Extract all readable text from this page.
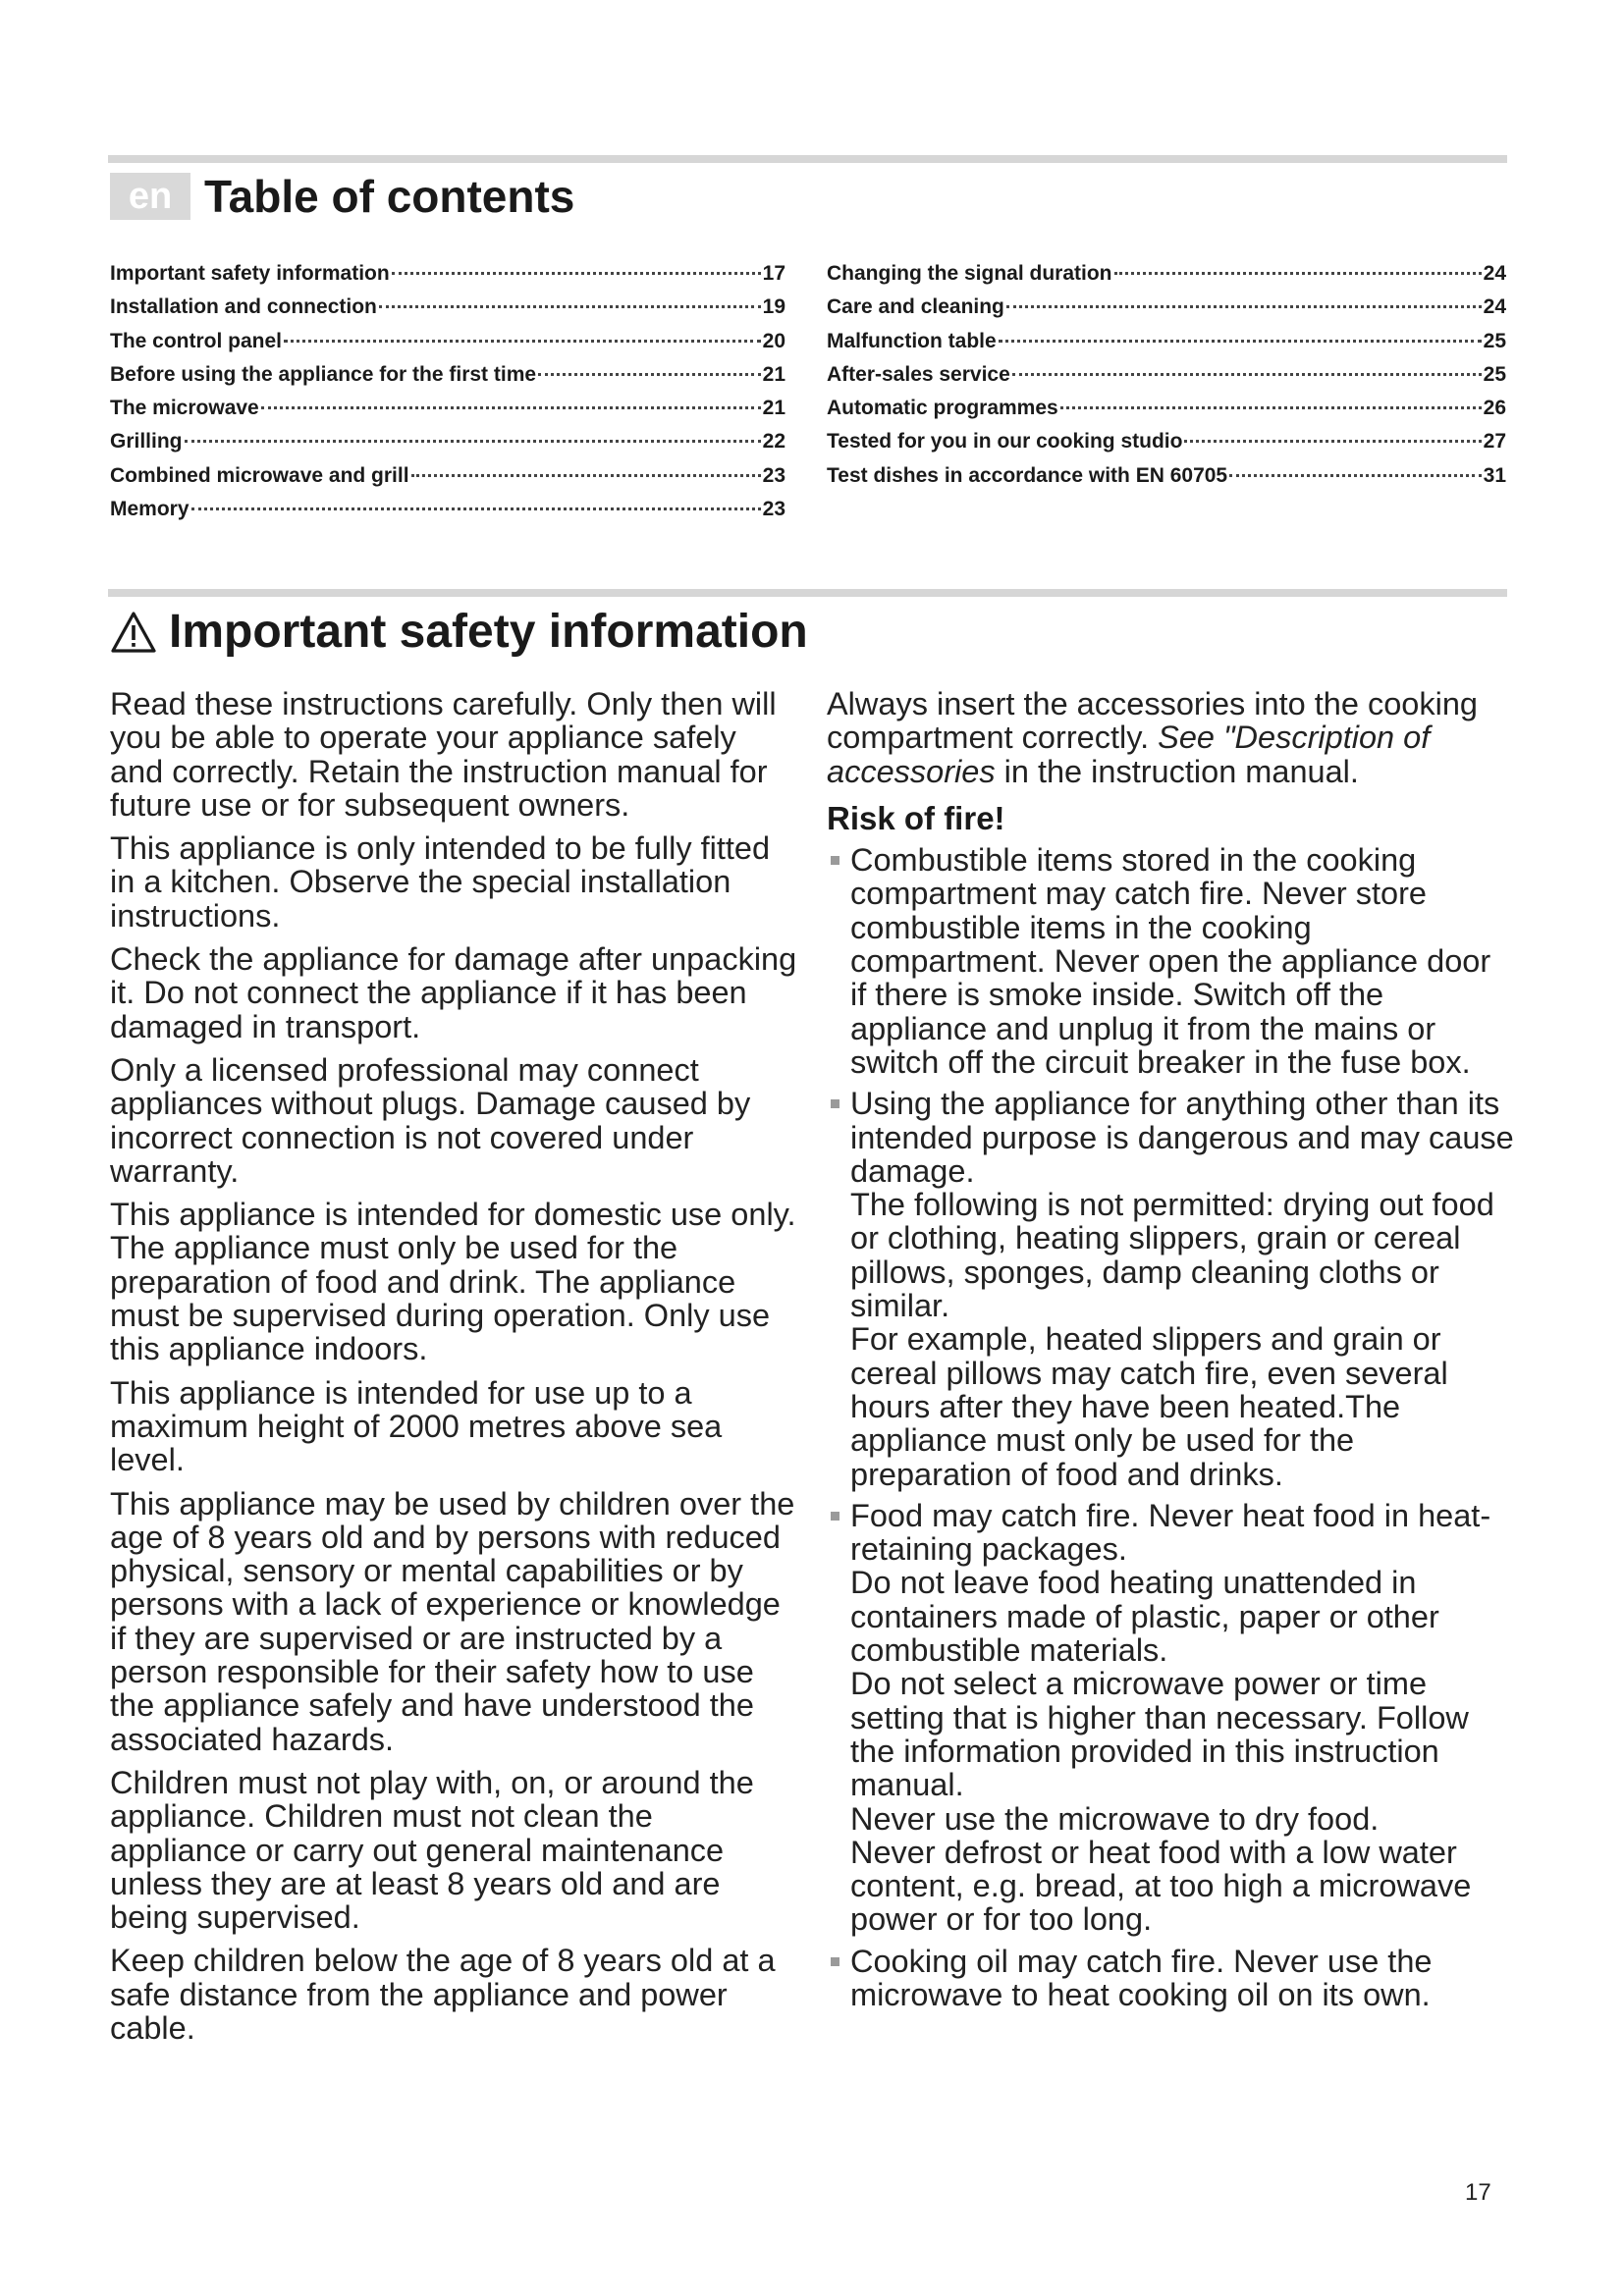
en Table of contents
Important safety information	17
Installation and connection	19
The control panel	20
Before using the appliance for the first time	21
The microwave	21
Grilling	22
Combined microwave and grill	23
Memory	23
Changing the signal duration	24
Care and cleaning	24
Malfunction table	25
After-sales service	25
Automatic programmes	26
Tested for you in our cooking studio	27
Test dishes in accordance with EN 60705	31
Important safety information

Read these instructions carefully. Only then will you be able to operate your appliance safely and correctly. Retain the instruction manual for future use or for subsequent owners.

This appliance is only intended to be fully fitted in a kitchen. Observe the special installation instructions.

Check the appliance for damage after unpacking it. Do not connect the appliance if it has been damaged in transport.

Only a licensed professional may connect appliances without plugs. Damage caused by incorrect connection is not covered under warranty.

This appliance is intended for domestic use only. The appliance must only be used for the preparation of food and drink. The appliance must be supervised during operation. Only use this appliance indoors.

This appliance is intended for use up to a maximum height of 2000 metres above sea level.

This appliance may be used by children over the age of 8 years old and by persons with reduced physical, sensory or mental capabilities or by persons with a lack of experience or knowledge if they are supervised or are instructed by a person responsible for their safety how to use the appliance safely and have understood the associated hazards.

Children must not play with, on, or around the appliance. Children must not clean the appliance or carry out general maintenance unless they are at least 8 years old and are being supervised.

Keep children below the age of 8 years old at a safe distance from the appliance and power cable.

Always insert the accessories into the cooking compartment correctly. See "Description of accessories in the instruction manual.

Risk of fire!
Combustible items stored in the cooking compartment may catch fire. Never store combustible items in the cooking compartment. Never open the appliance door if there is smoke inside. Switch off the appliance and unplug it from the mains or switch off the circuit breaker in the fuse box.
Using the appliance for anything other than its intended purpose is dangerous and may cause damage.
The following is not permitted: drying out food or clothing, heating slippers, grain or cereal pillows, sponges, damp cleaning cloths or similar.
For example, heated slippers and grain or cereal pillows may catch fire, even several hours after they have been heated.The appliance must only be used for the preparation of food and drinks.
Food may catch fire. Never heat food in heat-retaining packages.
Do not leave food heating unattended in containers made of plastic, paper or other combustible materials.
Do not select a microwave power or time setting that is higher than necessary. Follow the information provided in this instruction manual.
Never use the microwave to dry food.
Never defrost or heat food with a low water content, e.g. bread, at too high a microwave power or for too long.
Cooking oil may catch fire. Never use the microwave to heat cooking oil on its own.
17
